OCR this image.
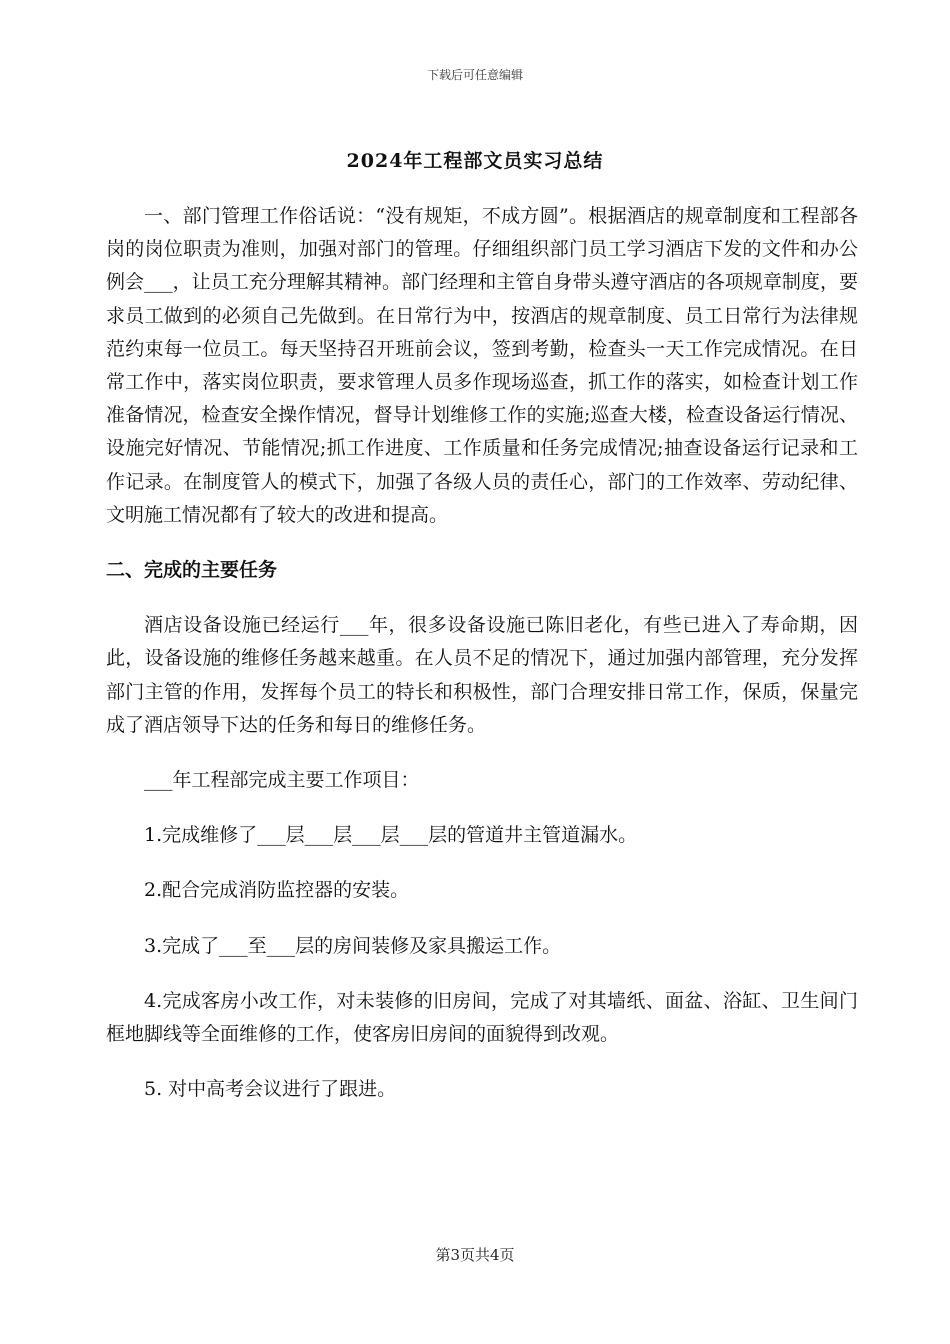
下载后可任意编辑
2024年工程部文员实习总结

一、部门管理工作俗话说：“没有规矩，不成方圆”。根据酒店的规章制度和工程部各岗的岗位职责为准则，加强对部门的管理。仔细组织部门员工学习酒店下发的文件和办公例会___，让员工充分理解其精神。部门经理和主管自身带头遵守酒店的各项规章制度，要求员工做到的必须自己先做到。在日常行为中，按酒店的规章制度、员工日常行为法律规范约束每一位员工。每天坚持召开班前会议，签到考勤，检查头一天工作完成情况。在日常工作中，落实岗位职责，要求管理人员多作现场巡查，抓工作的落实，如检查计划工作准备情况，检查安全操作情况，督导计划维修工作的实施;巡查大楼，检查设备运行情况、设施完好情况、节能情况;抓工作进度、工作质量和任务完成情况;抽查设备运行记录和工作记录。在制度管人的模式下，加强了各级人员的责任心，部门的工作效率、劳动纪律、文明施工情况都有了较大的改进和提高。

二、完成的主要任务

酒店设备设施已经运行___年，很多设备设施已陈旧老化，有些已进入了寿命期，因此，设备设施的维修任务越来越重。在人员不足的情况下，通过加强内部管理，充分发挥部门主管的作用，发挥每个员工的特长和积极性，部门合理安排日常工作，保质，保量完成了酒店领导下达的任务和每日的维修任务。

___年工程部完成主要工作项目：

1.完成维修了___层___层___层___层的管道井主管道漏水。

2.配合完成消防监控器的安装。

3.完成了___至___层的房间装修及家具搬运工作。

4.完成客房小改工作，对未装修的旧房间，完成了对其墙纸、面盆、浴缸、卫生间门框地脚线等全面维修的工作，使客房旧房间的面貌得到改观。

5. 对中高考会议进行了跟进。

第3页共4页
